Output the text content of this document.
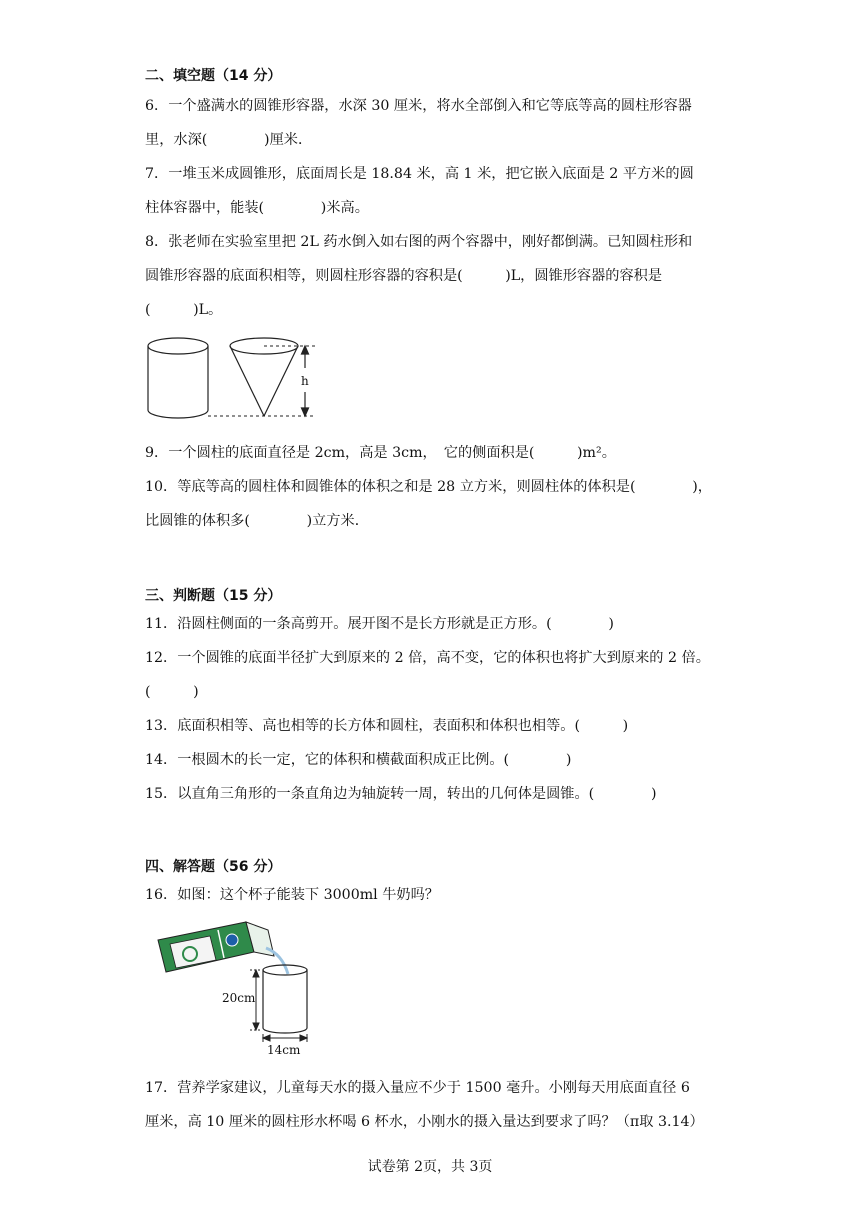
二、填空题（14 分）
6．一个盛满水的圆锥形容器，水深 30 厘米，将水全部倒入和它等底等高的圆柱形容器
里，水深(　　　　)厘米．
7．一堆玉米成圆锥形，底面周长是 18.84 米，高 1 米，把它嵌入底面是 2 平方米的圆
柱体容器中，能装(　　　　)米高。
8．张老师在实验室里把 2L 药水倒入如右图的两个容器中，刚好都倒满。已知圆柱形和
圆锥形容器的底面积相等，则圆柱形容器的容积是(　　　)L，圆锥形容器的容积是
(　　　)L。
h
9．一个圆柱的底面直径是 2cm，高是 3cm，　它的侧面积是(　　　)m²。
10．等底等高的圆柱体和圆锥体的体积之和是 28 立方米，则圆柱体的体积是(　　　　)，
比圆锥的体积多(　　　　)立方米．
三、判断题（15 分）
11．沿圆柱侧面的一条高剪开。展开图不是长方形就是正方形。(　　　　)
12．一个圆锥的底面半径扩大到原来的 2 倍，高不变，它的体积也将扩大到原来的 2 倍。
(　　　)
13．底面积相等、高也相等的长方体和圆柱，表面积和体积也相等。(　　　)
14．一根圆木的长一定，它的体积和横截面积成正比例。(　　　　)
15．以直角三角形的一条直角边为轴旋转一周，转出的几何体是圆锥。(　　　　)
四、解答题（56 分）
16．如图：这个杯子能装下 3000ml 牛奶吗？
20cm
14cm
17．营养学家建议，儿童每天水的摄入量应不少于 1500 毫升。小刚每天用底面直径 6
厘米，高 10 厘米的圆柱形水杯喝 6 杯水，小刚水的摄入量达到要求了吗？（π取 3.14）
试卷第 2页，共 3页
